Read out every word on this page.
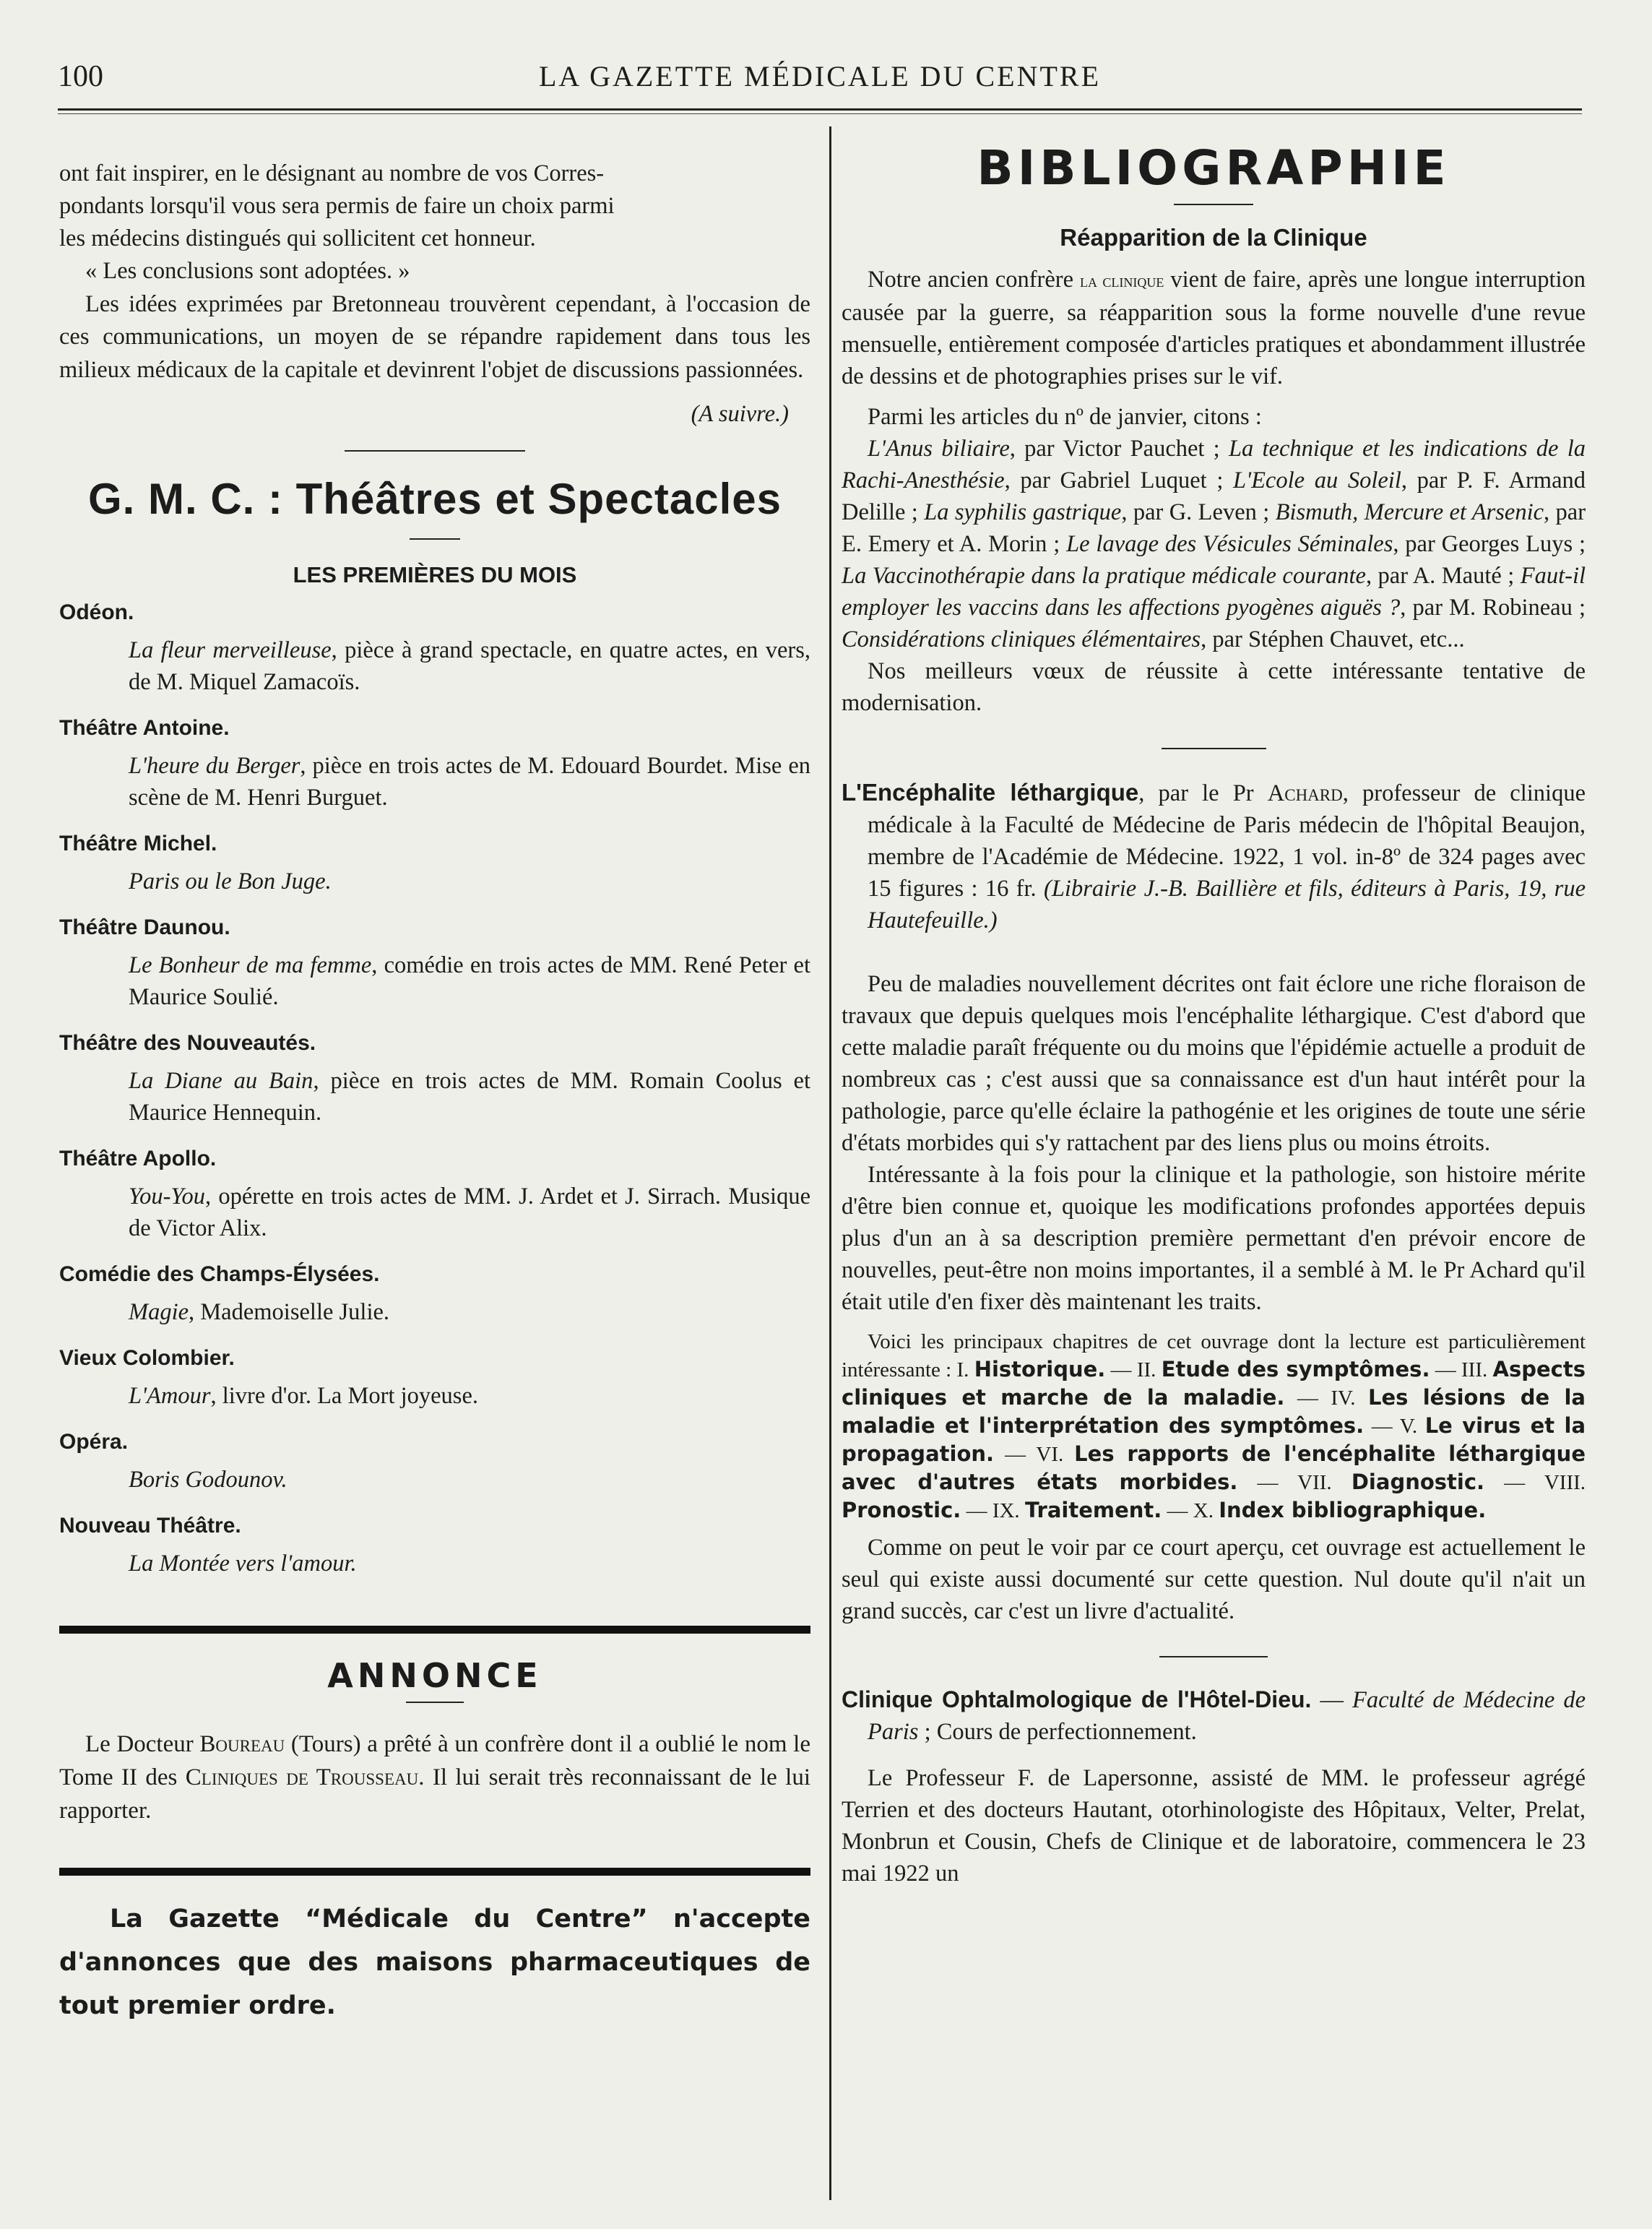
100	LA GAZETTE MÉDICALE DU CENTRE

ont fait inspirer, en le désignant au nombre de vos Corres-
pondants lorsqu'il vous sera permis de faire un choix parmi
les médecins distingués qui sollicitent cet honneur.

« Les conclusions sont adoptées. »

Les idées exprimées par Bretonneau trouvèrent cependant, à l'occasion de ces communications, un moyen de se répandre rapidement dans tous les milieux médicaux de la capitale et devinrent l'objet de discussions passionnées.

(A suivre.)

G. M. C. : Théâtres et Spectacles

LES PREMIÈRES DU MOIS

Odéon.

La fleur merveilleuse, pièce à grand spectacle, en quatre actes, en vers, de M. Miquel Zamacoïs.

Théâtre Antoine.

L'heure du Berger, pièce en trois actes de M. Edouard Bourdet. Mise en scène de M. Henri Burguet.

Théâtre Michel.

Paris ou le Bon Juge.

Théâtre Daunou.

Le Bonheur de ma femme, comédie en trois actes de MM. René Peter et Maurice Soulié.

Théâtre des Nouveautés.

La Diane au Bain, pièce en trois actes de MM. Romain Coolus et Maurice Hennequin.

Théâtre Apollo.

You-You, opérette en trois actes de MM. J. Ardet et J. Sirrach. Musique de Victor Alix.

Comédie des Champs-Élysées.

Magie, Mademoiselle Julie.

Vieux Colombier.

L'Amour, livre d'or. La Mort joyeuse.

Opéra.

Boris Godounov.

Nouveau Théâtre.

La Montée vers l'amour.

ANNONCE

Le Docteur Boureau (Tours) a prêté à un confrère dont il a oublié le nom le Tome II des Cliniques de Trousseau. Il lui serait très reconnaissant de le lui rapporter.

La Gazette “Médicale du Centre” n'accepte d'annonces que des maisons pharmaceutiques de tout premier ordre.

BIBLIOGRAPHIE

Réapparition de la Clinique

Notre ancien confrère la clinique vient de faire, après une longue interruption causée par la guerre, sa réapparition sous la forme nouvelle d'une revue mensuelle, entièrement composée d'articles pratiques et abondamment illustrée de dessins et de photographies prises sur le vif.

Parmi les articles du nº de janvier, citons :

L'Anus biliaire, par Victor Pauchet ; La technique et les indications de la Rachi-Anesthésie, par Gabriel Luquet ; L'Ecole au Soleil, par P. F. Armand Delille ; La syphilis gastrique, par G. Leven ; Bismuth, Mercure et Arsenic, par E. Emery et A. Morin ; Le lavage des Vésicules Séminales, par Georges Luys ; La Vaccinothérapie dans la pratique médicale courante, par A. Mauté ; Faut-il employer les vaccins dans les affections pyogènes aiguës ?, par M. Robineau ; Considérations cliniques élémentaires, par Stéphen Chauvet, etc...

Nos meilleurs vœux de réussite à cette intéressante tentative de modernisation.

L'Encéphalite léthargique, par le Pr Achard, professeur de clinique médicale à la Faculté de Médecine de Paris médecin de l'hôpital Beaujon, membre de l'Académie de Médecine. 1922, 1 vol. in-8º de 324 pages avec 15 figures : 16 fr. (Librairie J.-B. Baillière et fils, éditeurs à Paris, 19, rue Hautefeuille.)

Peu de maladies nouvellement décrites ont fait éclore une riche floraison de travaux que depuis quelques mois l'encéphalite léthargique. C'est d'abord que cette maladie paraît fréquente ou du moins que l'épidémie actuelle a produit de nombreux cas ; c'est aussi que sa connaissance est d'un haut intérêt pour la pathologie, parce qu'elle éclaire la pathogénie et les origines de toute une série d'états morbides qui s'y rattachent par des liens plus ou moins étroits.

Intéressante à la fois pour la clinique et la pathologie, son histoire mérite d'être bien connue et, quoique les modifications profondes apportées depuis plus d'un an à sa description première permettant d'en prévoir encore de nouvelles, peut-être non moins importantes, il a semblé à M. le Pr Achard qu'il était utile d'en fixer dès maintenant les traits.

Voici les principaux chapitres de cet ouvrage dont la lecture est particulièrement intéressante : I. Historique. — II. Etude des symptômes. — III. Aspects cliniques et marche de la maladie. — IV. Les lésions de la maladie et l'interprétation des symptômes. — V. Le virus et la propagation. — VI. Les rapports de l'encéphalite léthargique avec d'autres états morbides. — VII. Diagnostic. — VIII. Pronostic. — IX. Traitement. — X. Index bibliographique.

Comme on peut le voir par ce court aperçu, cet ouvrage est actuellement le seul qui existe aussi documenté sur cette question. Nul doute qu'il n'ait un grand succès, car c'est un livre d'actualité.

Clinique Ophtalmologique de l'Hôtel-Dieu. — Faculté de Médecine de Paris ; Cours de perfectionnement.

Le Professeur F. de Lapersonne, assisté de MM. le professeur agrégé Terrien et des docteurs Hautant, otorhinologiste des Hôpitaux, Velter, Prelat, Monbrun et Cousin, Chefs de Clinique et de laboratoire, commencera le 23 mai 1922 un
